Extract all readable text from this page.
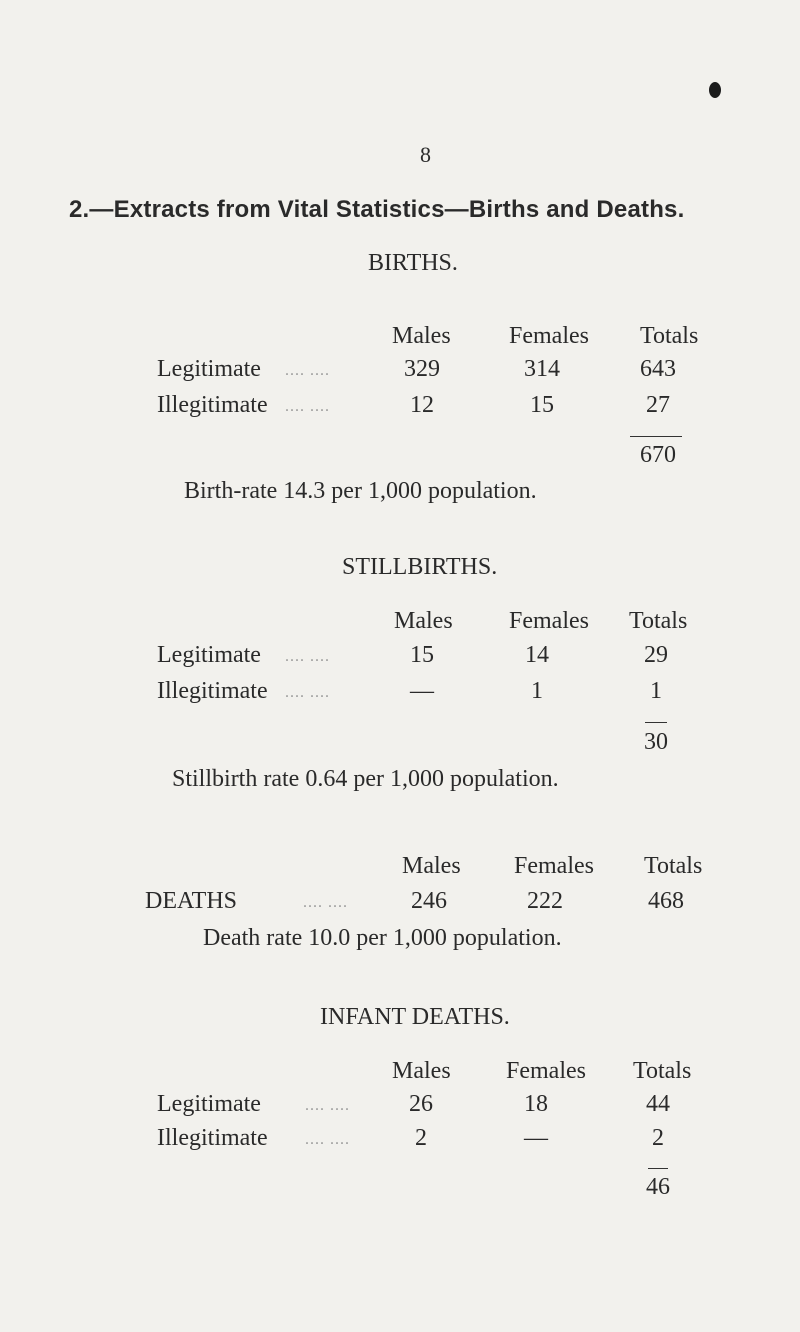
8
2.—Extracts from Vital Statistics—Births and Deaths.
BIRTHS.
Males Females Totals
Legitimate .... ....	329	314	643
Illegitimate .... ....	12	15	27
670
Birth-rate 14.3 per 1,000 population.
STILLBIRTHS.
Males Females Totals
Legitimate .... ....	15	14	29
Illegitimate .... ....	—	1	1
30
Stillbirth rate 0.64 per 1,000 population.
Males Females Totals
DEATHS	.... ....	246	222	468
Death rate 10.0 per 1,000 population.
INFANT DEATHS.
Males Females Totals
Legitimate	.... ....	26	18	44
Illegitimate .... ....	2	—	2
46
